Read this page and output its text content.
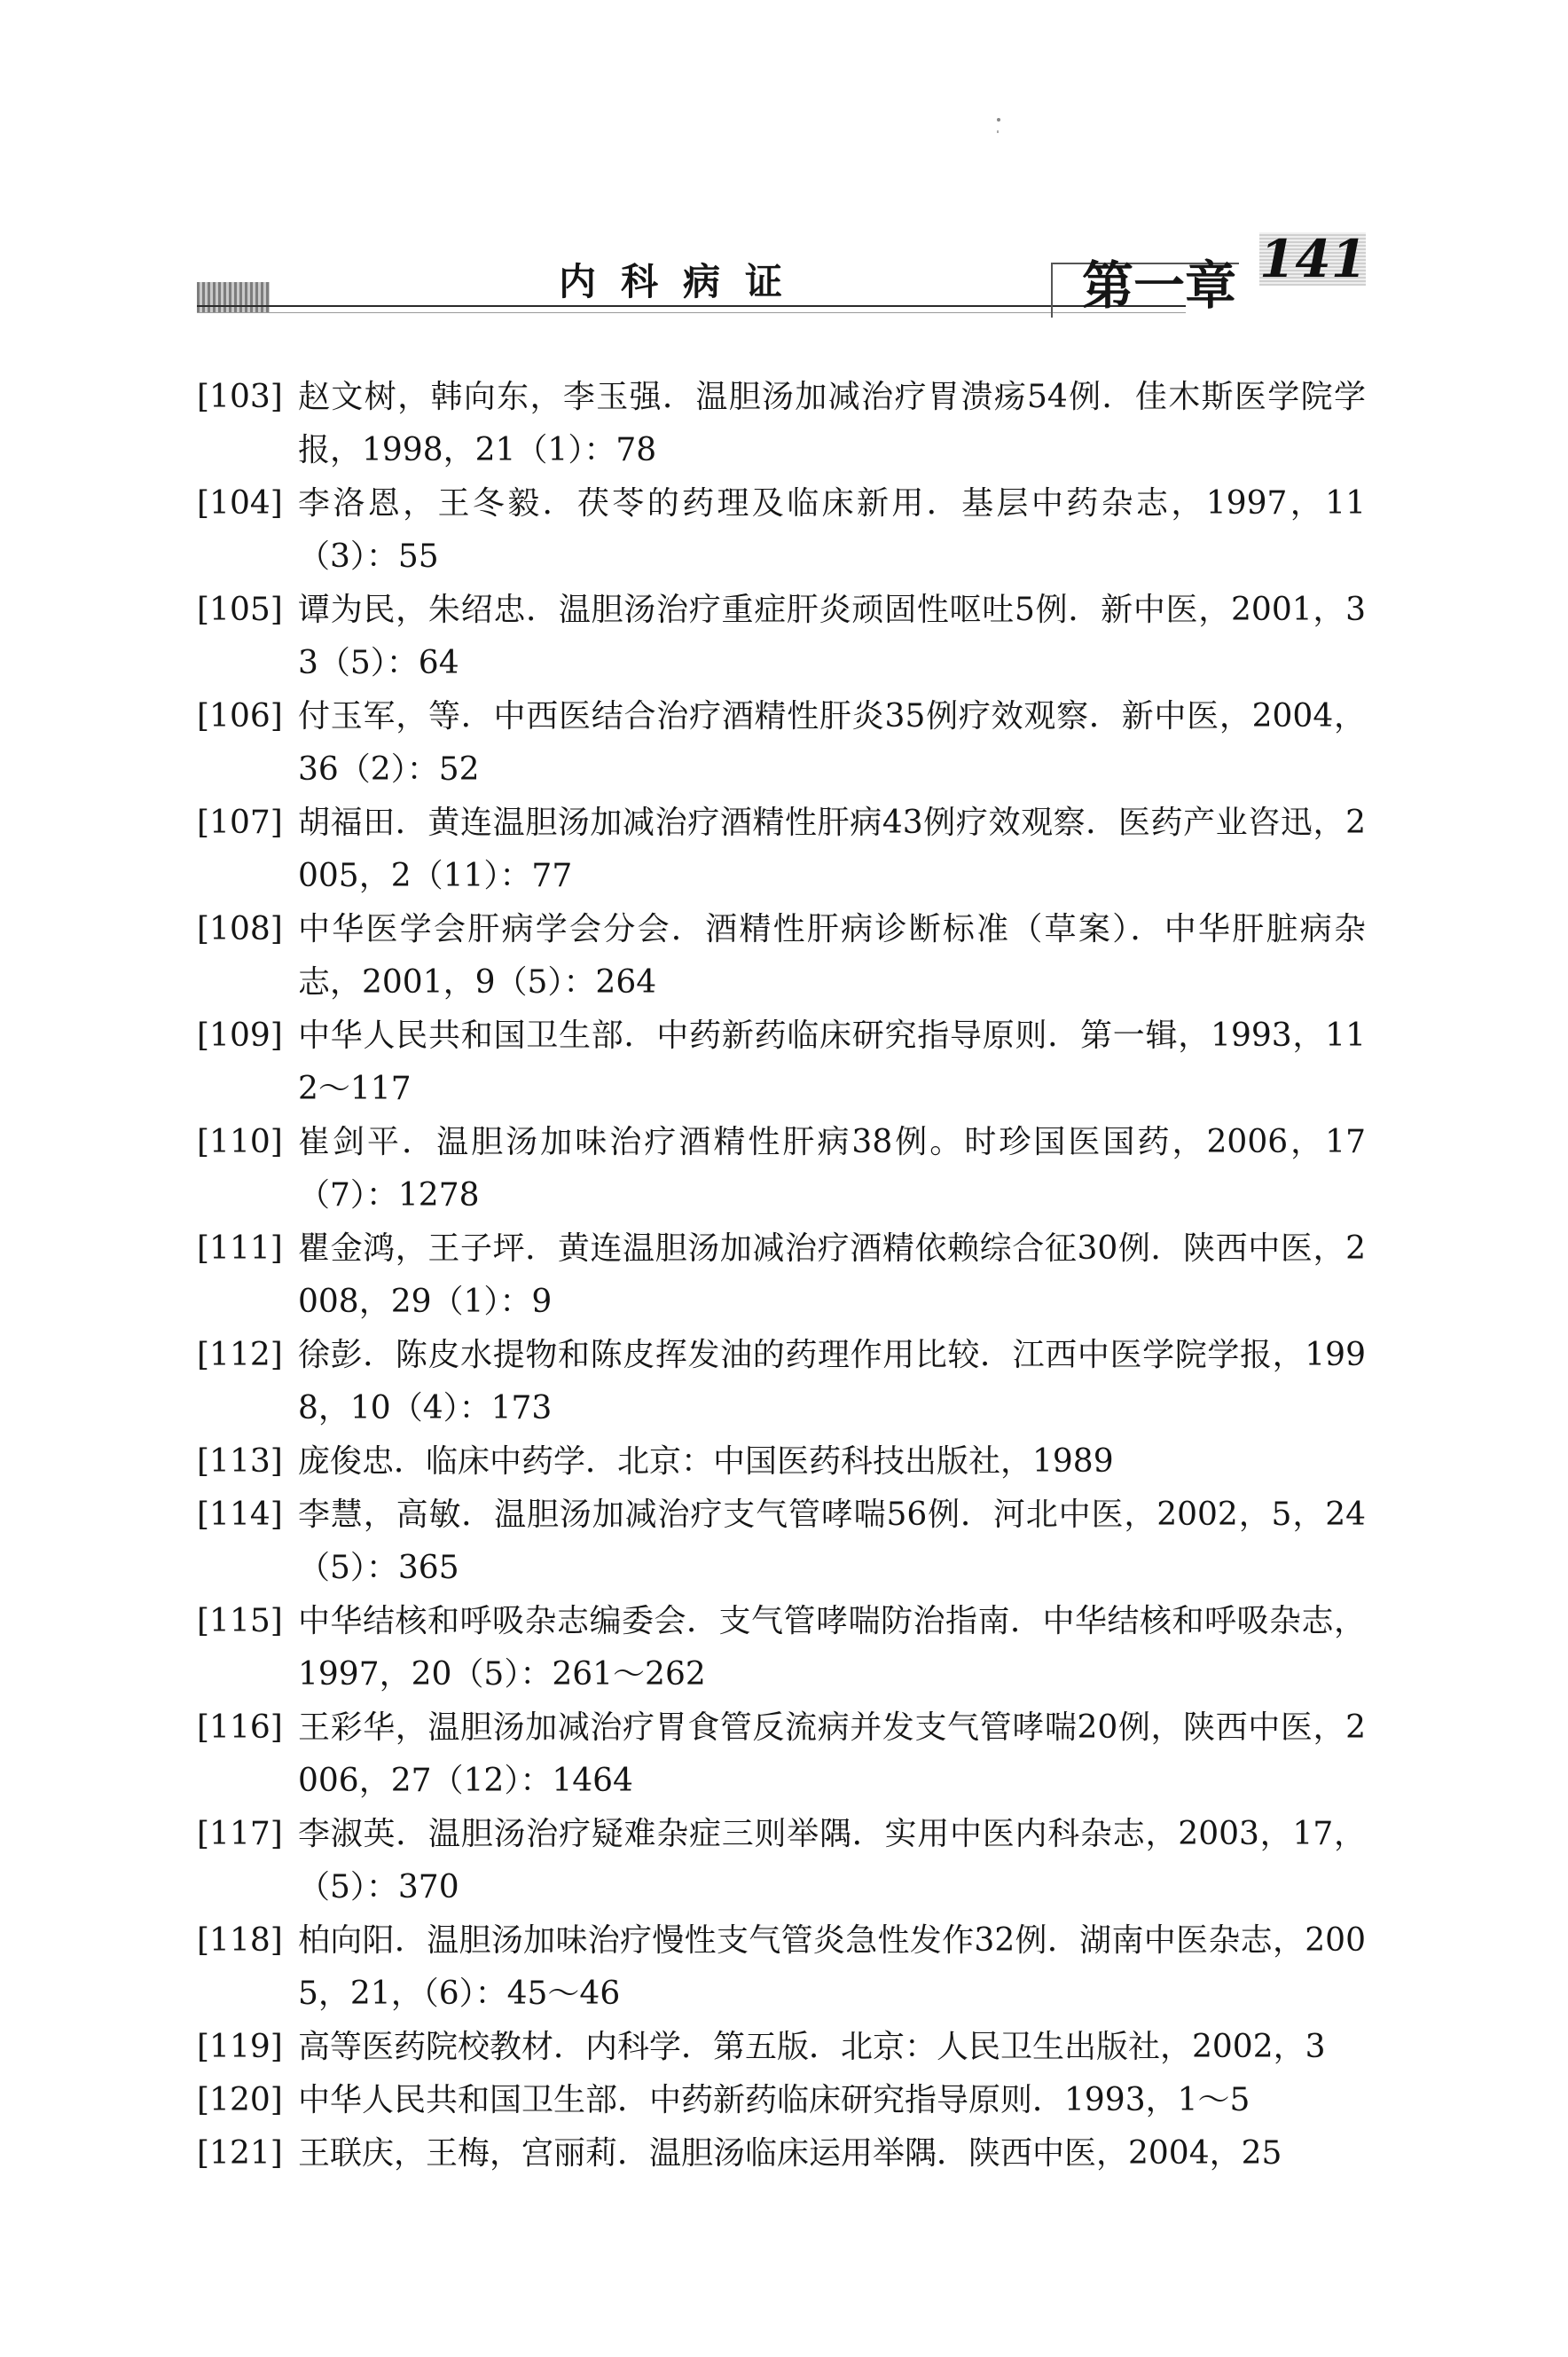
内科病证	第一章 141
[103] 赵文树，韩向东，李玉强．温胆汤加减治疗胃溃疡54例．佳木斯医学院学报，1998，21（1）：78
[104] 李洛恩，王冬毅．茯苓的药理及临床新用．基层中药杂志，1997，11（3）：55
[105] 谭为民，朱绍忠．温胆汤治疗重症肝炎顽固性呕吐5例．新中医，2001，33（5）：64
[106] 付玉军，等．中西医结合治疗酒精性肝炎35例疗效观察．新中医，2004，36（2）：52
[107] 胡福田．黄连温胆汤加减治疗酒精性肝病43例疗效观察．医药产业咨迅，2005，2（11）：77
[108] 中华医学会肝病学会分会．酒精性肝病诊断标准（草案）．中华肝脏病杂志，2001，9（5）：264
[109] 中华人民共和国卫生部．中药新药临床研究指导原则．第一辑，1993，112～117
[110] 崔剑平．温胆汤加味治疗酒精性肝病38例。时珍国医国药，2006，17（7）：1278
[111] 瞿金鸿，王子坪．黄连温胆汤加减治疗酒精依赖综合征30例．陕西中医，2008，29（1）：9
[112] 徐彭．陈皮水提物和陈皮挥发油的药理作用比较．江西中医学院学报，1998，10（4）：173
[113] 庞俊忠．临床中药学．北京：中国医药科技出版社，1989
[114] 李慧，高敏．温胆汤加减治疗支气管哮喘56例．河北中医，2002，5，24（5）：365
[115] 中华结核和呼吸杂志编委会．支气管哮喘防治指南．中华结核和呼吸杂志，1997，20（5）：261～262
[116] 王彩华，温胆汤加减治疗胃食管反流病并发支气管哮喘20例，陕西中医，2006，27（12）：1464
[117] 李淑英．温胆汤治疗疑难杂症三则举隅．实用中医内科杂志，2003，17，（5）：370
[118] 柏向阳．温胆汤加味治疗慢性支气管炎急性发作32例．湖南中医杂志，2005，21，（6）：45～46
[119] 高等医药院校教材．内科学．第五版．北京：人民卫生出版社，2002，3
[120] 中华人民共和国卫生部．中药新药临床研究指导原则．1993，1～5
[121] 王联庆，王梅，宫丽莉．温胆汤临床运用举隅．陕西中医，2004，25
